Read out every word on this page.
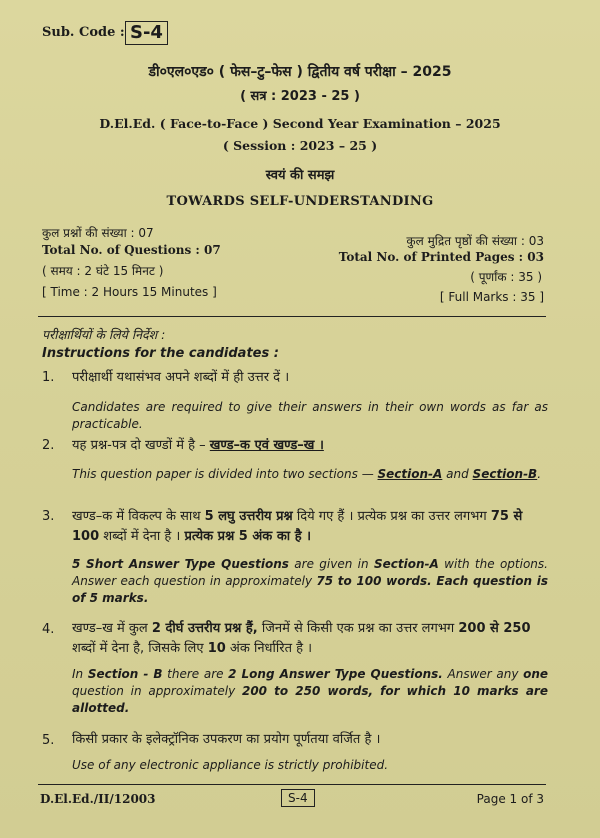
Sub. Code : S-4
डी०एल०एड० ( फेस–टु–फेस ) द्वितीय वर्ष परीक्षा – 2025
( सत्र : 2023 - 25 )
D.El.Ed. ( Face-to-Face ) Second Year Examination – 2025
( Session : 2023 – 25 )
स्वयं की समझ
TOWARDS SELF-UNDERSTANDING
कुल प्रश्नों की संख्या : 07
Total No. of Questions : 07
( समय : 2 घंटे 15 मिनट )
[ Time : 2 Hours 15 Minutes ]
कुल मुद्रित पृष्ठों की संख्या : 03
Total No. of Printed Pages : 03
( पूर्णांक : 35 )
[ Full Marks : 35 ]
परीक्षार्थियों के लिये निर्देश :
Instructions for the candidates :
1. परीक्षार्थी यथासंभव अपने शब्दों में ही उत्तर दें ।
Candidates are required to give their answers in their own words as far as practicable.
2. यह प्रश्न-पत्र दो खण्डों में है – खण्ड–क एवं खण्ड–ख ।
This question paper is divided into two sections — Section-A and Section-B.
3. खण्ड–क में विकल्प के साथ 5 लघु उत्तरीय प्रश्न दिये गए हैं । प्रत्येक प्रश्न का उत्तर लगभग 75 से 100 शब्दों में देना है । प्रत्येक प्रश्न 5 अंक का है ।
5 Short Answer Type Questions are given in Section-A with the options. Answer each question in approximately 75 to 100 words. Each question is of 5 marks.
4. खण्ड–ख में कुल 2 दीर्घ उत्तरीय प्रश्न हैं, जिनमें से किसी एक प्रश्न का उत्तर लगभग 200 से 250 शब्दों में देना है, जिसके लिए 10 अंक निर्धारित है ।
In Section - B there are 2 Long Answer Type Questions. Answer any one question in approximately 200 to 250 words, for which 10 marks are allotted.
5. किसी प्रकार के इलेक्ट्रॉनिक उपकरण का प्रयोग पूर्णतया वर्जित है ।
Use of any electronic appliance is strictly prohibited.
D.El.Ed./II/12003	S-4	Page 1 of 3
